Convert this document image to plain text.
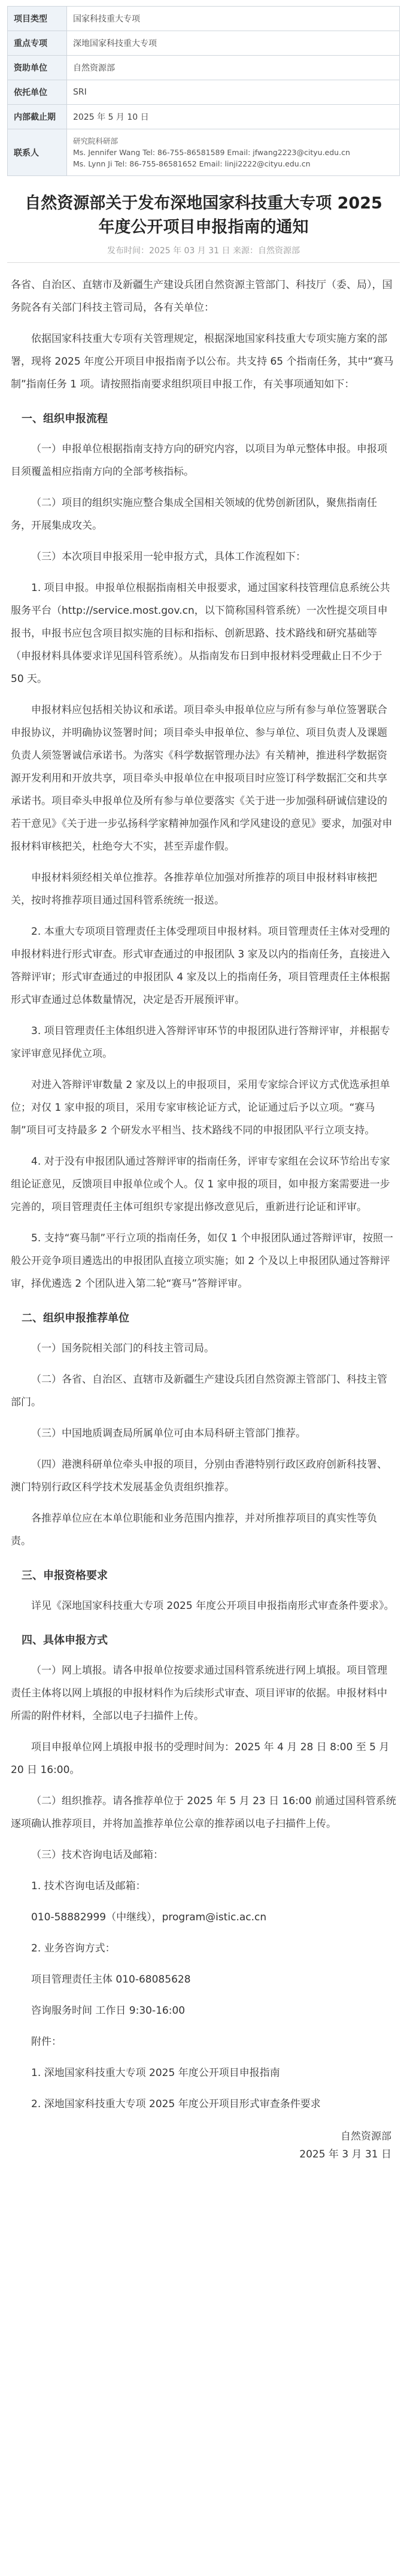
项目类型	国家科技重大专项
重点专项	深地国家科技重大专项
资助单位	自然资源部
依托单位	SRI
内部截止期	2025 年 5 月 10 日
联系人	研究院科研部
Ms. Jennifer Wang Tel: 86-755-86581589 Email: jfwang2223@cityu.edu.cn
Ms. Lynn Ji Tel: 86-755-86581652 Email: linji2222@cityu.edu.cn
自然资源部关于发布深地国家科技重大专项 2025 年度公开项目申报指南的通知
发布时间：2025 年 03 月 31 日 来源：自然资源部

各省、自治区、直辖市及新疆生产建设兵团自然资源主管部门、科技厅（委、局），国务院各有关部门科技主管司局，各有关单位：

依据国家科技重大专项有关管理规定，根据深地国家科技重大专项实施方案的部署，现将 2025 年度公开项目申报指南予以公布。共支持 65 个指南任务，其中“赛马制”指南任务 1 项。请按照指南要求组织项目申报工作，有关事项通知如下：

一、组织申报流程

（一）申报单位根据指南支持方向的研究内容，以项目为单元整体申报。申报项目须覆盖相应指南方向的全部考核指标。

（二）项目的组织实施应整合集成全国相关领域的优势创新团队，聚焦指南任务，开展集成攻关。

（三）本次项目申报采用一轮申报方式，具体工作流程如下：

1. 项目申报。申报单位根据指南相关申报要求，通过国家科技管理信息系统公共服务平台（http://service.most.gov.cn，以下简称国科管系统）一次性提交项目申报书，申报书应包含项目拟实施的目标和指标、创新思路、技术路线和研究基础等（申报材料具体要求详见国科管系统）。从指南发布日到申报材料受理截止日不少于 50 天。

申报材料应包括相关协议和承诺。项目牵头申报单位应与所有参与单位签署联合申报协议，并明确协议签署时间；项目牵头申报单位、参与单位、项目负责人及课题负责人须签署诚信承诺书。为落实《科学数据管理办法》有关精神，推进科学数据资源开发利用和开放共享，项目牵头申报单位在申报项目时应签订科学数据汇交和共享承诺书。项目牵头申报单位及所有参与单位要落实《关于进一步加强科研诚信建设的若干意见》《关于进一步弘扬科学家精神加强作风和学风建设的意见》要求，加强对申报材料审核把关，杜绝夸大不实，甚至弄虚作假。

申报材料须经相关单位推荐。各推荐单位加强对所推荐的项目申报材料审核把关，按时将推荐项目通过国科管系统统一报送。

2. 本重大专项项目管理责任主体受理项目申报材料。项目管理责任主体对受理的申报材料进行形式审查。形式审查通过的申报团队 3 家及以内的指南任务，直接进入答辩评审；形式审查通过的申报团队 4 家及以上的指南任务，项目管理责任主体根据形式审查通过总体数量情况，决定是否开展预评审。

3. 项目管理责任主体组织进入答辩评审环节的申报团队进行答辩评审，并根据专家评审意见择优立项。

对进入答辩评审数量 2 家及以上的申报项目，采用专家综合评议方式优选承担单位；对仅 1 家申报的项目，采用专家审核论证方式，论证通过后予以立项。“赛马制”项目可支持最多 2 个研发水平相当、技术路线不同的申报团队平行立项支持。

4. 对于没有申报团队通过答辩评审的指南任务，评审专家组在会议环节给出专家组论证意见，反馈项目申报单位或个人。仅 1 家申报的项目，如申报方案需要进一步完善的，项目管理责任主体可组织专家提出修改意见后，重新进行论证和评审。

5. 支持“赛马制”平行立项的指南任务，如仅 1 个申报团队通过答辩评审，按照一般公开竞争项目遴选出的申报团队直接立项实施；如 2 个及以上申报团队通过答辩评审，择优遴选 2 个团队进入第二轮“赛马”答辩评审。

二、组织申报推荐单位

（一）国务院相关部门的科技主管司局。

（二）各省、自治区、直辖市及新疆生产建设兵团自然资源主管部门、科技主管部门。

（三）中国地质调查局所属单位可由本局科研主管部门推荐。

（四）港澳科研单位牵头申报的项目，分别由香港特别行政区政府创新科技署、澳门特别行政区科学技术发展基金负责组织推荐。

各推荐单位应在本单位职能和业务范围内推荐，并对所推荐项目的真实性等负责。

三、申报资格要求

详见《深地国家科技重大专项 2025 年度公开项目申报指南形式审查条件要求》。

四、具体申报方式

（一）网上填报。请各申报单位按要求通过国科管系统进行网上填报。项目管理责任主体将以网上填报的申报材料作为后续形式审查、项目评审的依据。申报材料中所需的附件材料，全部以电子扫描件上传。

项目申报单位网上填报申报书的受理时间为：2025 年 4 月 28 日 8:00 至 5 月 20 日 16:00。

（二）组织推荐。请各推荐单位于 2025 年 5 月 23 日 16:00 前通过国科管系统逐项确认推荐项目，并将加盖推荐单位公章的推荐函以电子扫描件上传。

（三）技术咨询电话及邮箱：

1. 技术咨询电话及邮箱：

010-58882999（中继线），program@istic.ac.cn

2. 业务咨询方式：

项目管理责任主体 010-68085628

咨询服务时间 工作日 9:30-16:00

附件：

1. 深地国家科技重大专项 2025 年度公开项目申报指南

2. 深地国家科技重大专项 2025 年度公开项目形式审查条件要求

自然资源部
2025 年 3 月 31 日
